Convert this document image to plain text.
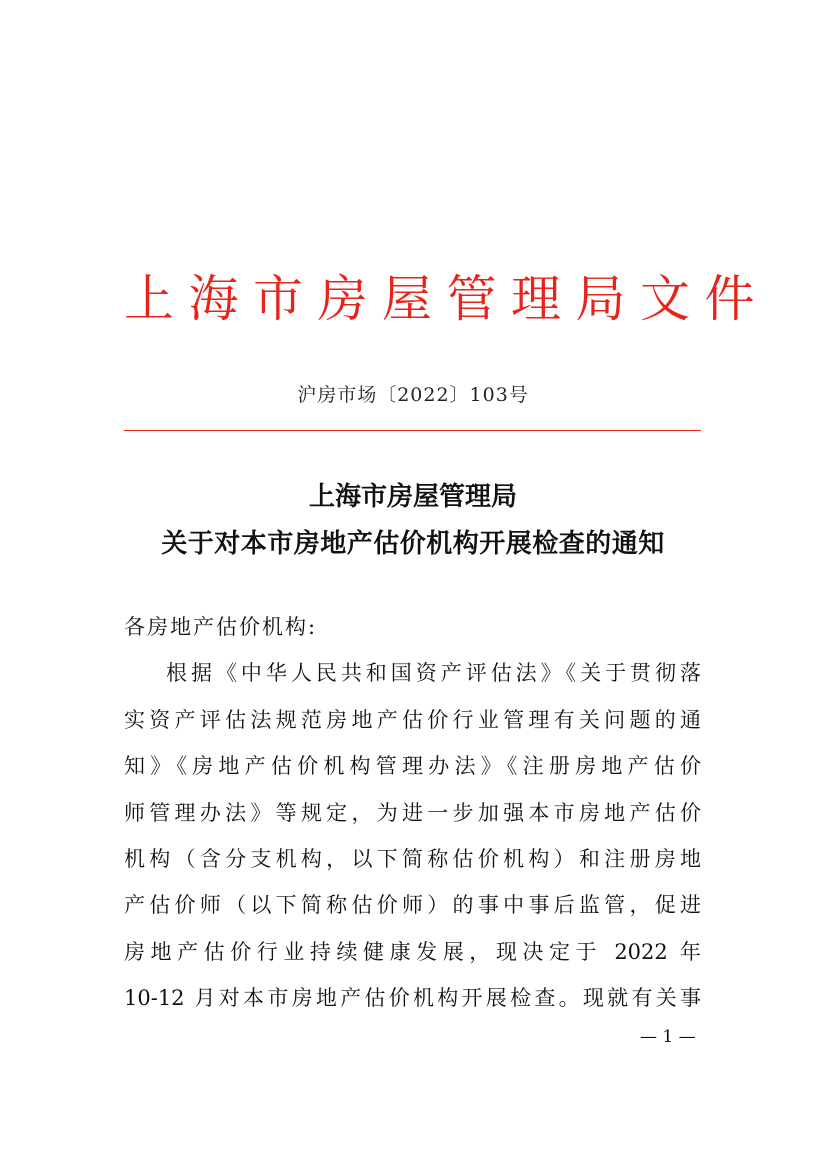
上海市房屋管理局文件
沪房市场〔2022〕103号
上海市房屋管理局
关于对本市房地产估价机构开展检查的通知
各房地产估价机构:
根据《中华人民共和国资产评估法》《关于贯彻落
实资产评估法规范房地产估价行业管理有关问题的通
知》《房地产估价机构管理办法》《注册房地产估价
师管理办法》等规定，为进一步加强本市房地产估价
机构（含分支机构，以下简称估价机构）和注册房地
产估价师（以下简称估价师）的事中事后监管，促进
房地产估价行业持续健康发展，现决定于 2022 年
10-12 月对本市房地产估价机构开展检查。现就有关事
— 1 —
